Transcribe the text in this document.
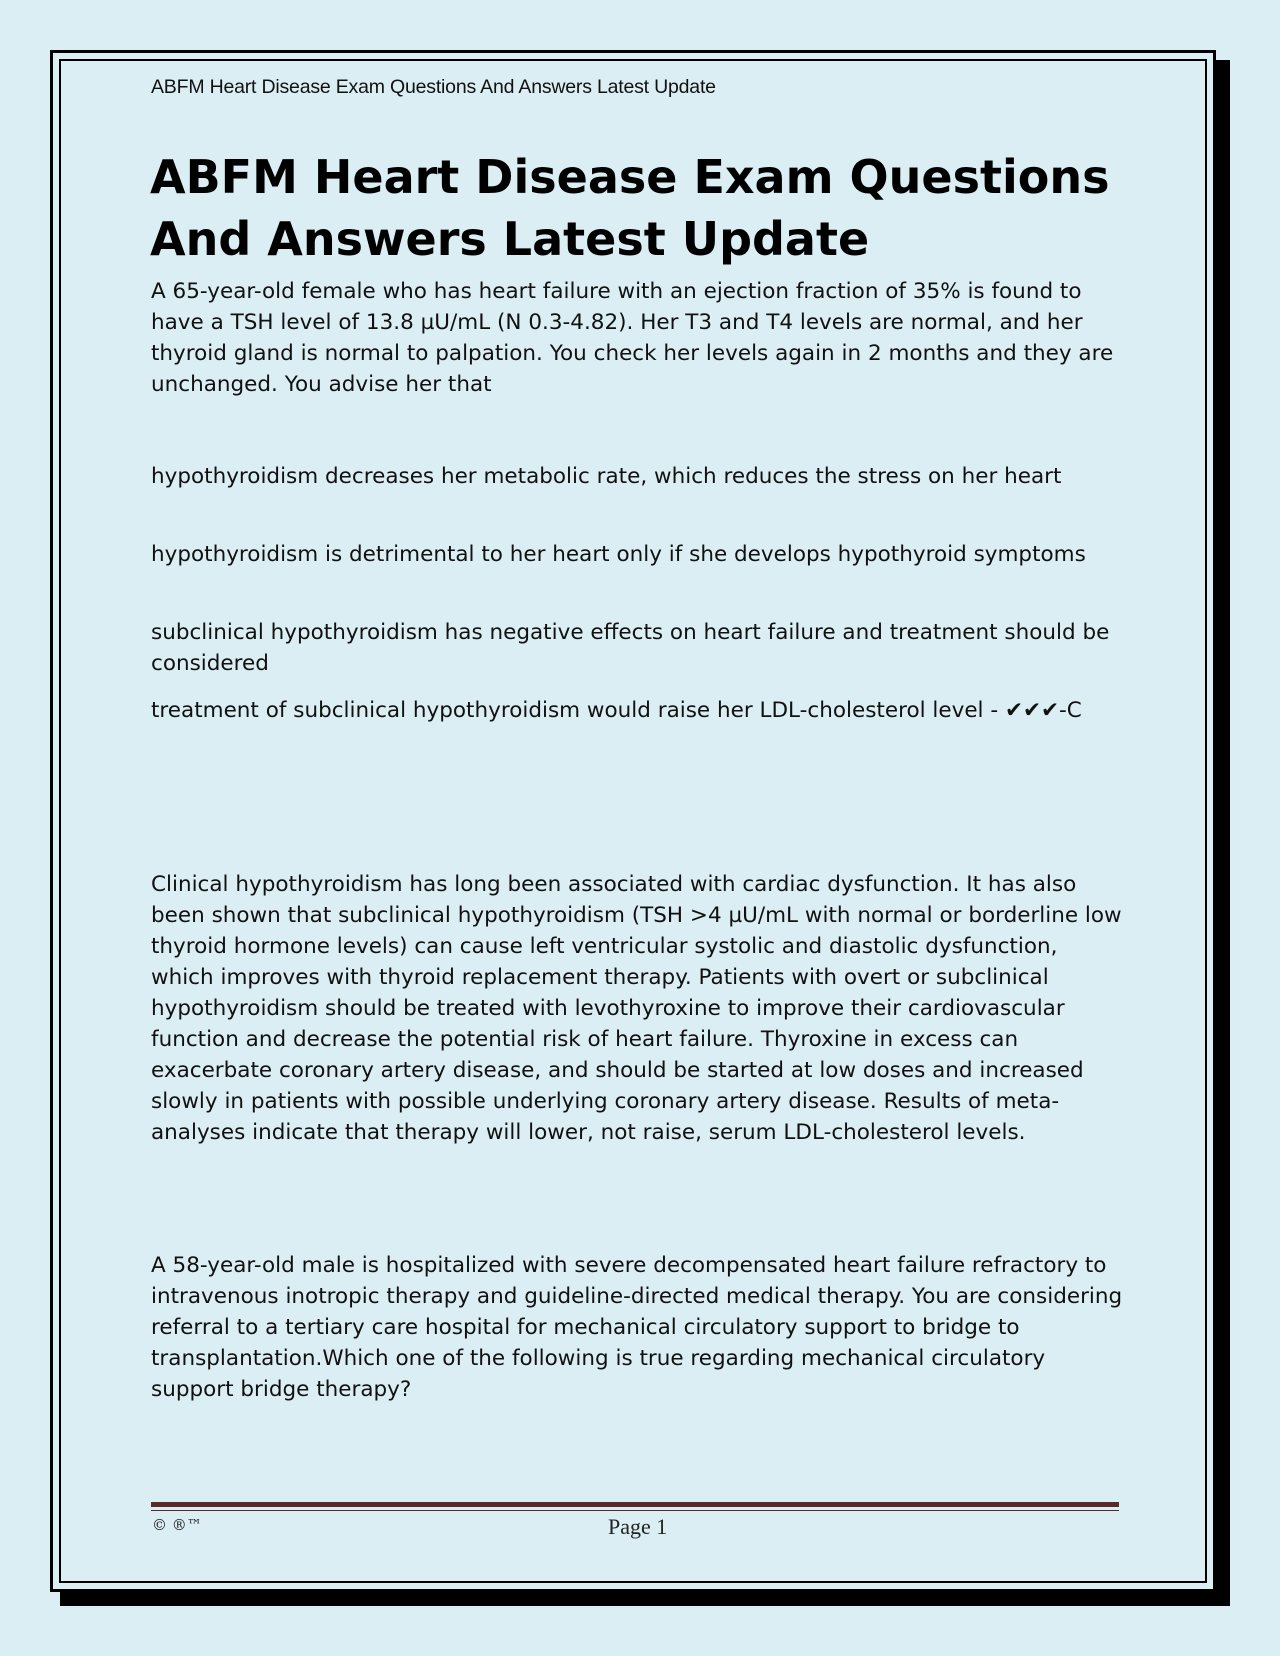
ABFM Heart Disease Exam Questions And Answers Latest Update
ABFM Heart Disease Exam Questions And Answers Latest Update

A 65-year-old female who has heart failure with an ejection fraction of 35% is found to have a TSH level of 13.8 µU/mL (N 0.3-4.82). Her T3 and T4 levels are normal, and her thyroid gland is normal to palpation. You check her levels again in 2 months and they are unchanged. You advise her that

hypothyroidism decreases her metabolic rate, which reduces the stress on her heart

hypothyroidism is detrimental to her heart only if she develops hypothyroid symptoms

subclinical hypothyroidism has negative effects on heart failure and treatment should be considered

treatment of subclinical hypothyroidism would raise her LDL-cholesterol level - ✔✔✔-C

Clinical hypothyroidism has long been associated with cardiac dysfunction. It has also been shown that subclinical hypothyroidism (TSH >4 µU/mL with normal or borderline low thyroid hormone levels) can cause left ventricular systolic and diastolic dysfunction, which improves with thyroid replacement therapy. Patients with overt or subclinical hypothyroidism should be treated with levothyroxine to improve their cardiovascular function and decrease the potential risk of heart failure. Thyroxine in excess can exacerbate coronary artery disease, and should be started at low doses and increased slowly in patients with possible underlying coronary artery disease. Results of meta-analyses indicate that therapy will lower, not raise, serum LDL-cholesterol levels.

A 58-year-old male is hospitalized with severe decompensated heart failure refractory to intravenous inotropic therapy and guideline-directed medical therapy. You are considering referral to a tertiary care hospital for mechanical circulatory support to bridge to transplantation.Which one of the following is true regarding mechanical circulatory support bridge therapy?

© ®™	Page 1
